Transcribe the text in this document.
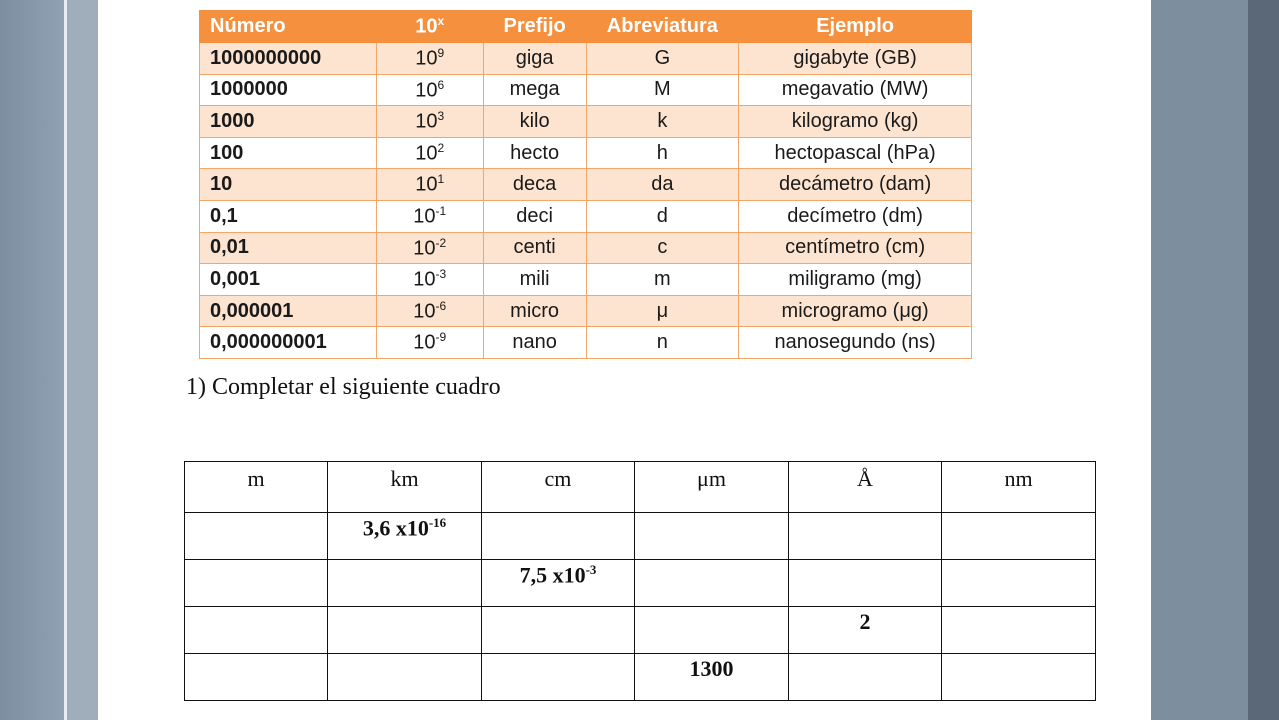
Número	10$^x$	Prefijo	Abreviatura	Ejemplo
1000000000	$10^9$	giga	G	gigabyte (GB)
1000000	$10^6$	mega	M	megavatio (MW)
1000	$10^3$	kilo	k	kilogramo (kg)
100	$10^2$	hecto	h	hectopascal (hPa)
10	$10^1$	deca	da	decámetro (dam)
0,1	$10^{-1}$	deci	d	decímetro (dm)
0,01	$10^{-2}$	centi	c	centímetro (cm)
0,001	$10^{-3}$	mili	m	miligramo (mg)
0,000001	$10^{-6}$	micro	μ	microgramo (μg)
0,000000001	$10^{-9}$	nano	n	nanosegundo (ns)

1) Completar el siguiente cuadro

m	km	cm	μm	Å	nm
	3,6 $x10^{-16}$				
		7,5 $x10^{-3}$			
				2	
			1300		
